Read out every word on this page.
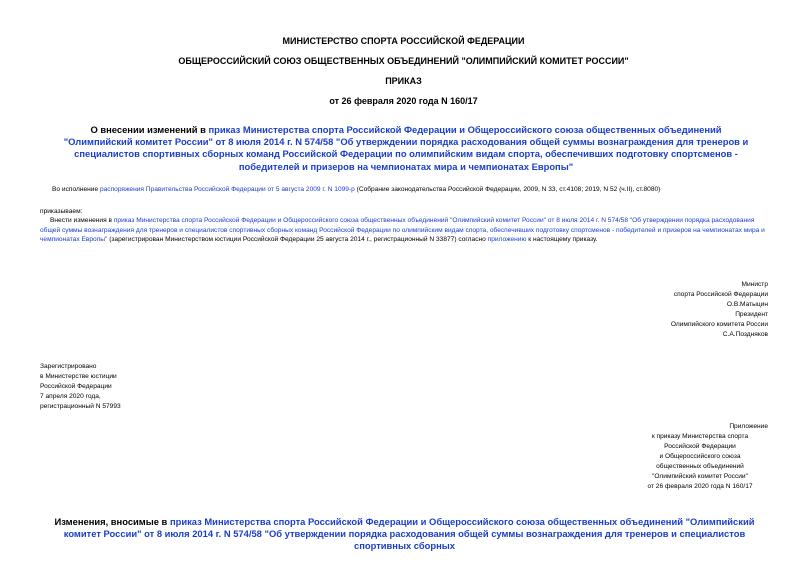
МИНИСТЕРСТВО СПОРТА РОССИЙСКОЙ ФЕДЕРАЦИИ
ОБЩЕРОССИЙСКИЙ СОЮЗ ОБЩЕСТВЕННЫХ ОБЪЕДИНЕНИЙ "ОЛИМПИЙСКИЙ КОМИТЕТ РОССИИ"
ПРИКАЗ
от 26 февраля 2020 года N 160/17
О внесении изменений в приказ Министерства спорта Российской Федерации и Общероссийского союза общественных объединений "Олимпийский комитет России" от 8 июля 2014 г. N 574/58 "Об утверждении порядка расходования общей суммы вознаграждения для тренеров и специалистов спортивных сборных команд Российской Федерации по олимпийским видам спорта, обеспечивших подготовку спортсменов - победителей и призеров на чемпионатах мира и чемпионатах Европы"
Во исполнение распоряжения Правительства Российской Федерации от 5 августа 2009 г. N 1099-р (Собрание законодательства Российской Федерации, 2009, N 33, ст.4108; 2019, N 52 (ч.II), ст.8080)
приказываем:
Внести изменения в приказ Министерства спорта Российской Федерации и Общероссийского союза общественных объединений "Олимпийский комитет России" от 8 июля 2014 г. N 574/58 "Об утверждении порядка расходования общей суммы вознаграждения для тренеров и специалистов спортивных сборных команд Российской Федерации по олимпийским видам спорта, обеспечивших подготовку спортсменов - победителей и призеров на чемпионатах мира и чемпионатах Европы" (зарегистрирован Министерством юстиции Российской Федерации 25 августа 2014 г., регистрационный N 33877) согласно приложению к настоящему приказу.
Министр
спорта Российской Федерации
О.В.Матыцин
Президент
Олимпийского комитета России
С.А.Поздняков
Зарегистрировано
в Министерстве юстиции
Российской Федерации
7 апреля 2020 года,
регистрационный N 57993
Приложение
к приказу Министерства спорта
Российской Федерации
и Общероссийского союза
общественных объединений
"Олимпийский комитет России"
от 26 февраля 2020 года N 160/17
Изменения, вносимые в приказ Министерства спорта Российской Федерации и Общероссийского союза общественных объединений "Олимпийский комитет России" от 8 июля 2014 г. N 574/58 "Об утверждении порядка расходования общей суммы вознаграждения для тренеров и специалистов спортивных сборных
